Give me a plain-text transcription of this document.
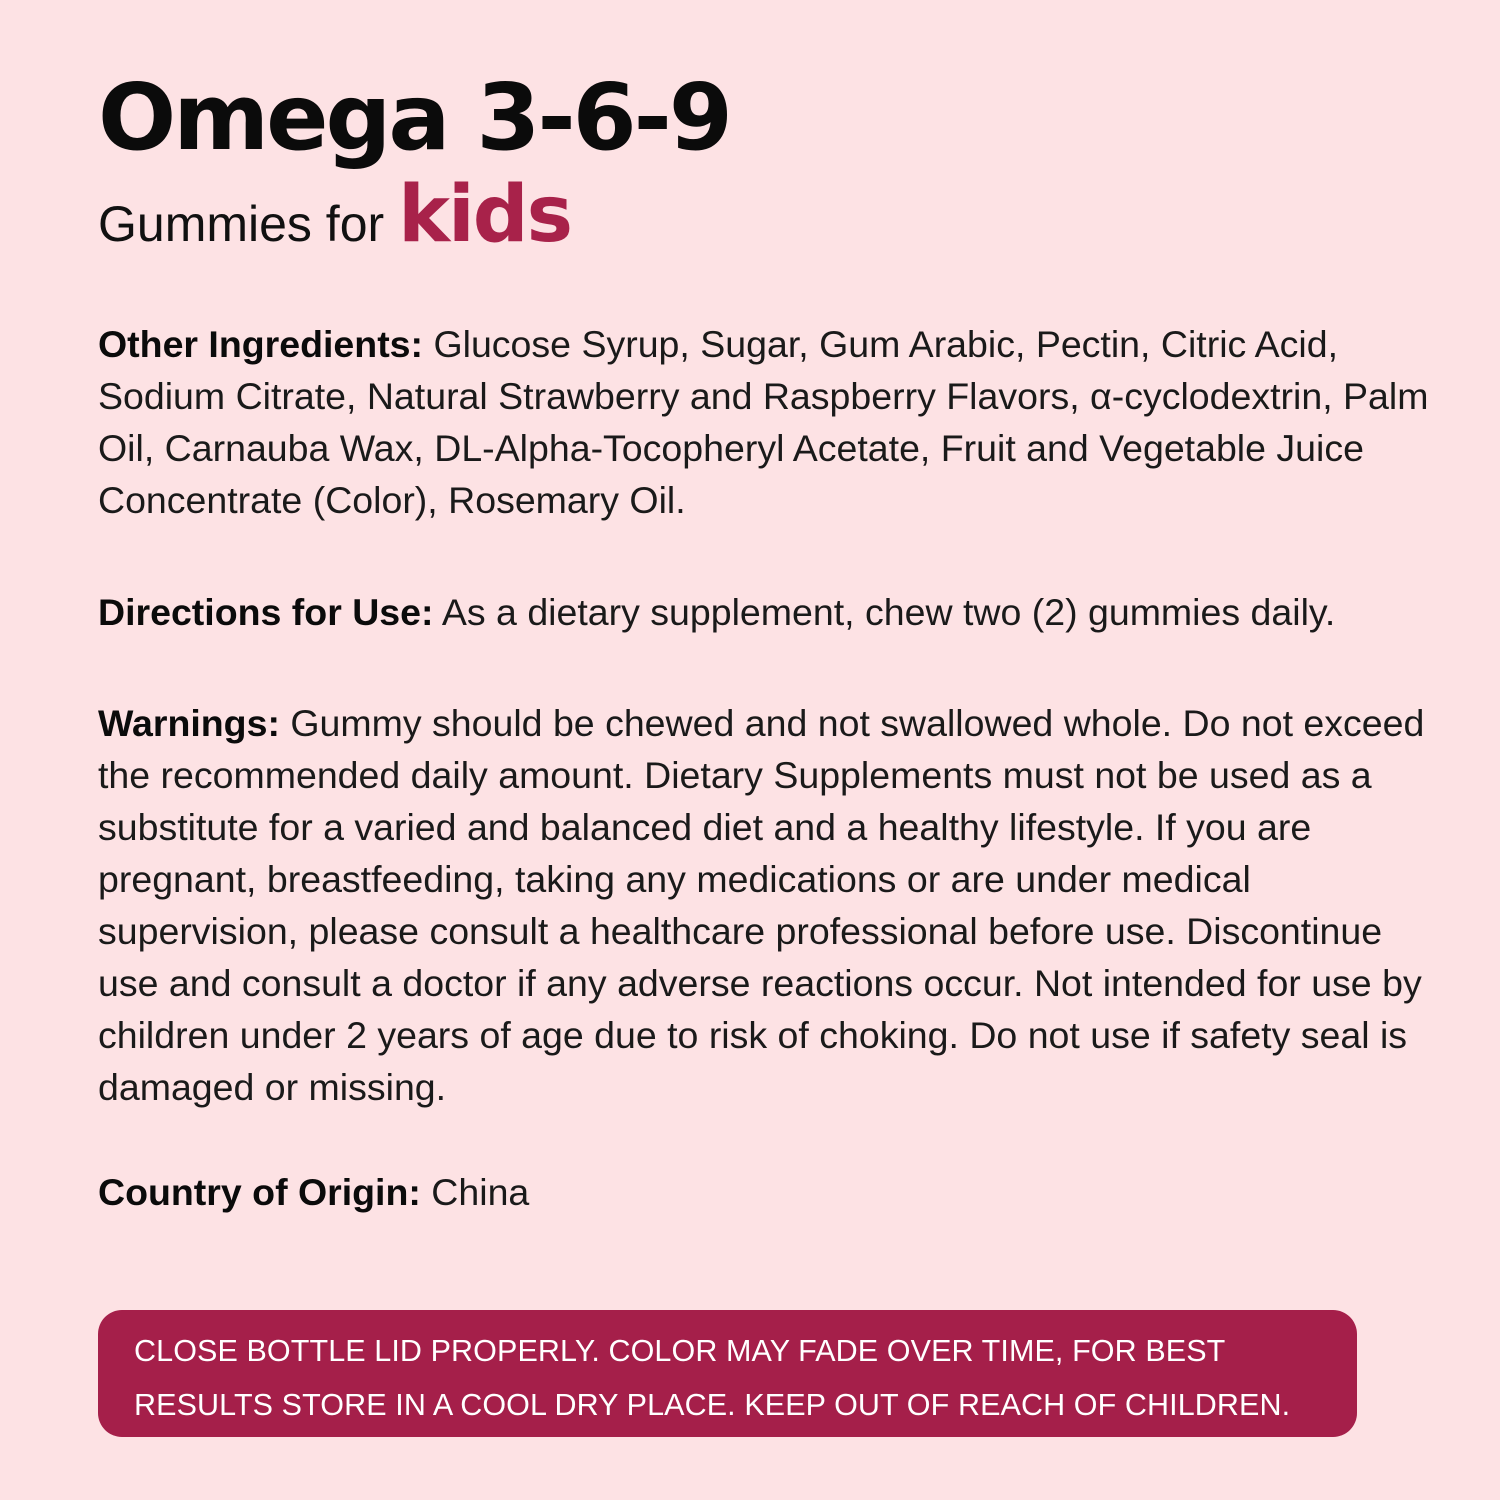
Omega 3-6-9
Gummies for kids

Other Ingredients: Glucose Syrup, Sugar, Gum Arabic, Pectin, Citric Acid, Sodium Citrate, Natural Strawberry and Raspberry Flavors, α-cyclodextrin, Palm Oil, Carnauba Wax, DL-Alpha-Tocopheryl Acetate, Fruit and Vegetable Juice Concentrate (Color), Rosemary Oil.

Directions for Use: As a dietary supplement, chew two (2) gummies daily.

Warnings: Gummy should be chewed and not swallowed whole. Do not exceed the recommended daily amount. Dietary Supplements must not be used as a substitute for a varied and balanced diet and a healthy lifestyle. If you are pregnant, breastfeeding, taking any medications or are under medical supervision, please consult a healthcare professional before use. Discontinue use and consult a doctor if any adverse reactions occur. Not intended for use by children under 2 years of age due to risk of choking. Do not use if safety seal is damaged or missing.

Country of Origin: China

CLOSE BOTTLE LID PROPERLY. COLOR MAY FADE OVER TIME, FOR BEST RESULTS STORE IN A COOL DRY PLACE. KEEP OUT OF REACH OF CHILDREN.
